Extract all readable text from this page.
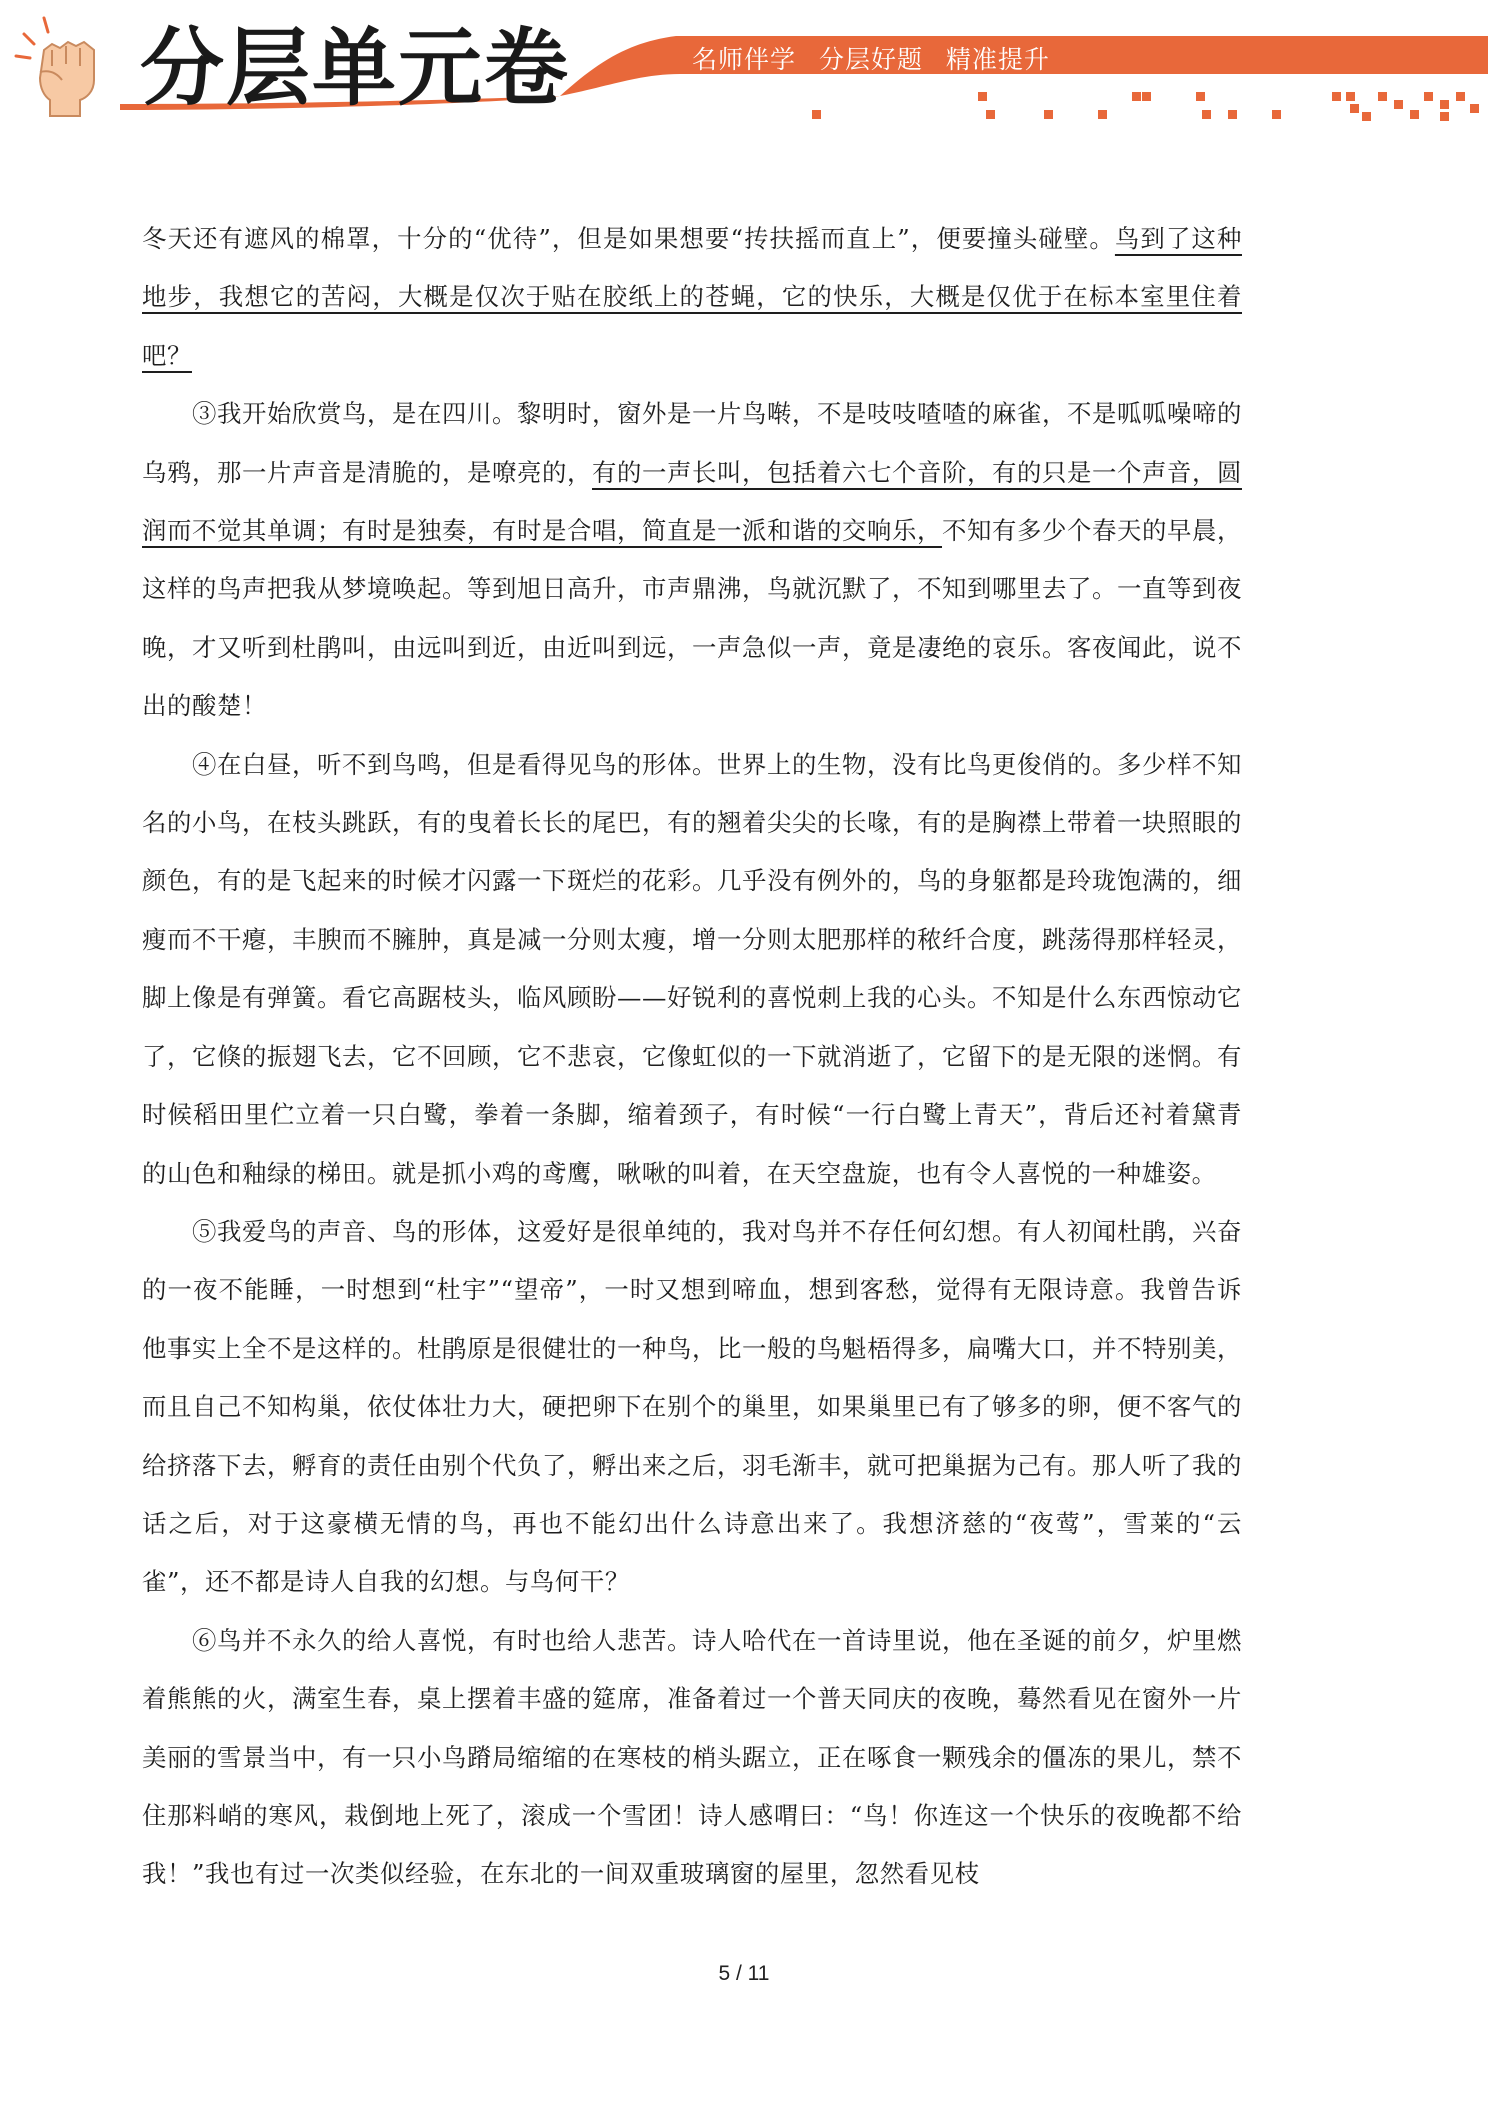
分层单元卷	名师伴学 分层好题 精准提升

冬天还有遮风的棉罩，十分的“优待”，但是如果想要“抟扶摇而直上”，便要撞头碰壁。鸟到了这种地步，我想它的苦闷，大概是仅次于贴在胶纸上的苍蝇，它的快乐，大概是仅优于在标本室里住着吧？

③我开始欣赏鸟，是在四川。黎明时，窗外是一片鸟啭，不是吱吱喳喳的麻雀，不是呱呱噪啼的乌鸦，那一片声音是清脆的，是嘹亮的，有的一声长叫，包括着六七个音阶，有的只是一个声音，圆润而不觉其单调；有时是独奏，有时是合唱，简直是一派和谐的交响乐，不知有多少个春天的早晨，这样的鸟声把我从梦境唤起。等到旭日高升，市声鼎沸，鸟就沉默了，不知到哪里去了。一直等到夜晚，才又听到杜鹃叫，由远叫到近，由近叫到远，一声急似一声，竟是凄绝的哀乐。客夜闻此，说不出的酸楚！

④在白昼，听不到鸟鸣，但是看得见鸟的形体。世界上的生物，没有比鸟更俊俏的。多少样不知名的小鸟，在枝头跳跃，有的曳着长长的尾巴，有的翘着尖尖的长喙，有的是胸襟上带着一块照眼的颜色，有的是飞起来的时候才闪露一下斑烂的花彩。几乎没有例外的，鸟的身躯都是玲珑饱满的，细瘦而不干瘪，丰腴而不臃肿，真是减一分则太瘦，增一分则太肥那样的秾纤合度，跳荡得那样轻灵，脚上像是有弹簧。看它高踞枝头，临风顾盼——好锐利的喜悦刺上我的心头。不知是什么东西惊动它了，它倏的振翅飞去，它不回顾，它不悲哀，它像虹似的一下就消逝了，它留下的是无限的迷惘。有时候稻田里伫立着一只白鹭，拳着一条脚，缩着颈子，有时候“一行白鹭上青天”，背后还衬着黛青的山色和釉绿的梯田。就是抓小鸡的鸢鹰，啾啾的叫着，在天空盘旋，也有令人喜悦的一种雄姿。

⑤我爱鸟的声音、鸟的形体，这爱好是很单纯的，我对鸟并不存任何幻想。有人初闻杜鹃，兴奋的一夜不能睡，一时想到“杜宇”“望帝”，一时又想到啼血，想到客愁，觉得有无限诗意。我曾告诉他事实上全不是这样的。杜鹃原是很健壮的一种鸟，比一般的鸟魁梧得多，扁嘴大口，并不特别美，而且自己不知构巢，依仗体壮力大，硬把卵下在别个的巢里，如果巢里已有了够多的卵，便不客气的给挤落下去，孵育的责任由别个代负了，孵出来之后，羽毛渐丰，就可把巢据为己有。那人听了我的话之后，对于这豪横无情的鸟，再也不能幻出什么诗意出来了。我想济慈的“夜莺”，雪莱的“云雀”，还不都是诗人自我的幻想。与鸟何干？

⑥鸟并不永久的给人喜悦，有时也给人悲苦。诗人哈代在一首诗里说，他在圣诞的前夕，炉里燃着熊熊的火，满室生春，桌上摆着丰盛的筵席，准备着过一个普天同庆的夜晚，蓦然看见在窗外一片美丽的雪景当中，有一只小鸟蹐局缩缩的在寒枝的梢头踞立，正在啄食一颗残余的僵冻的果儿，禁不住那料峭的寒风，栽倒地上死了，滚成一个雪团！诗人感喟曰：“鸟！你连这一个快乐的夜晚都不给我！”我也有过一次类似经验，在东北的一间双重玻璃窗的屋里，忽然看见枝

5 / 11
